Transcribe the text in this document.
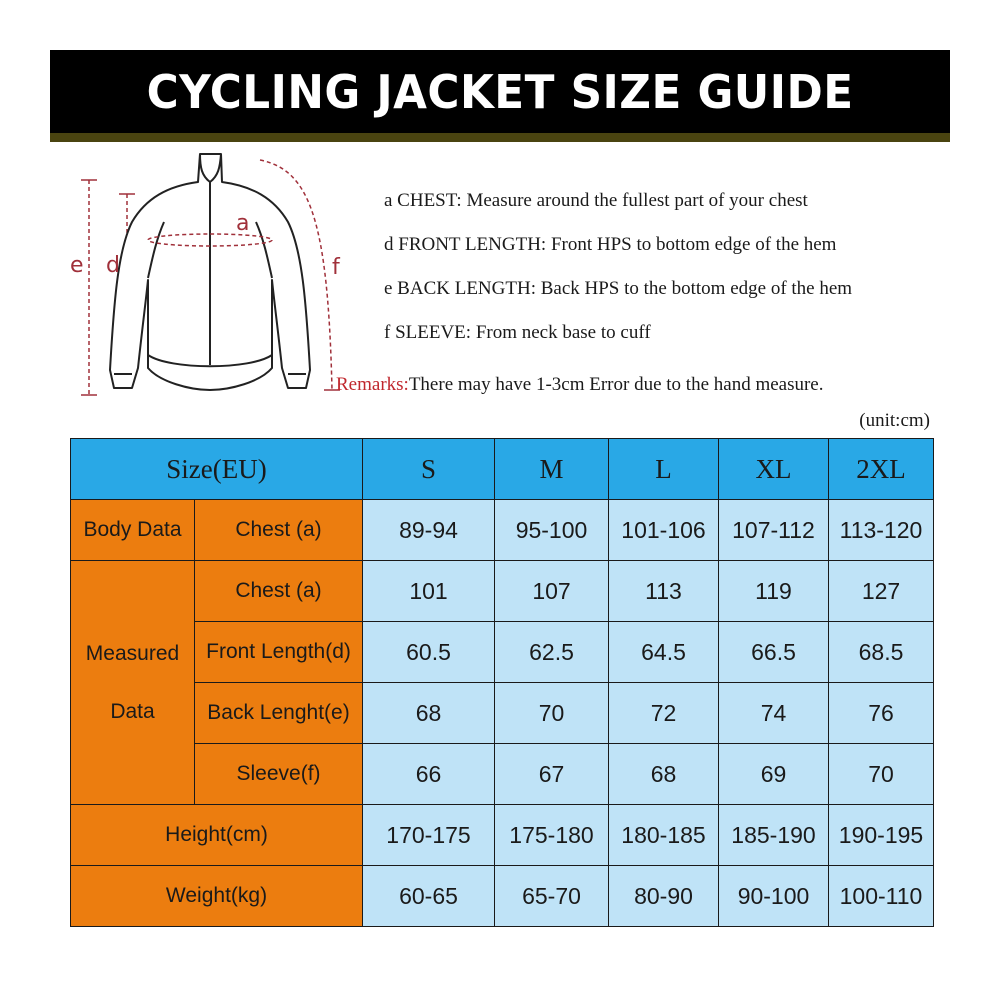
CYCLING JACKET SIZE GUIDE
e d
a
f

a CHEST: Measure around the fullest part of your chest

d FRONT LENGTH: Front HPS to bottom edge of the hem

e BACK LENGTH: Back HPS to the bottom edge of the hem

f SLEEVE: From neck base to cuff

Remarks:There may have 1-3cm Error due to the hand measure.

(unit:cm)
Size(EU)		S	M	L	XL	2XL
Body Data	Chest (a)	89-94	95-100	101-106	107-112	113-120

Measured
Data	Chest (a)	101	107	113	119	127
	Front Length(d)	60.5	62.5	64.5	66.5	68.5
	Back Lenght(e)	68	70	72	74	76
	Sleeve(f)	66	67	68	69	70
Height(cm)		170-175	175-180	180-185	185-190	190-195
Weight(kg)		60-65	65-70	80-90	90-100	100-110
